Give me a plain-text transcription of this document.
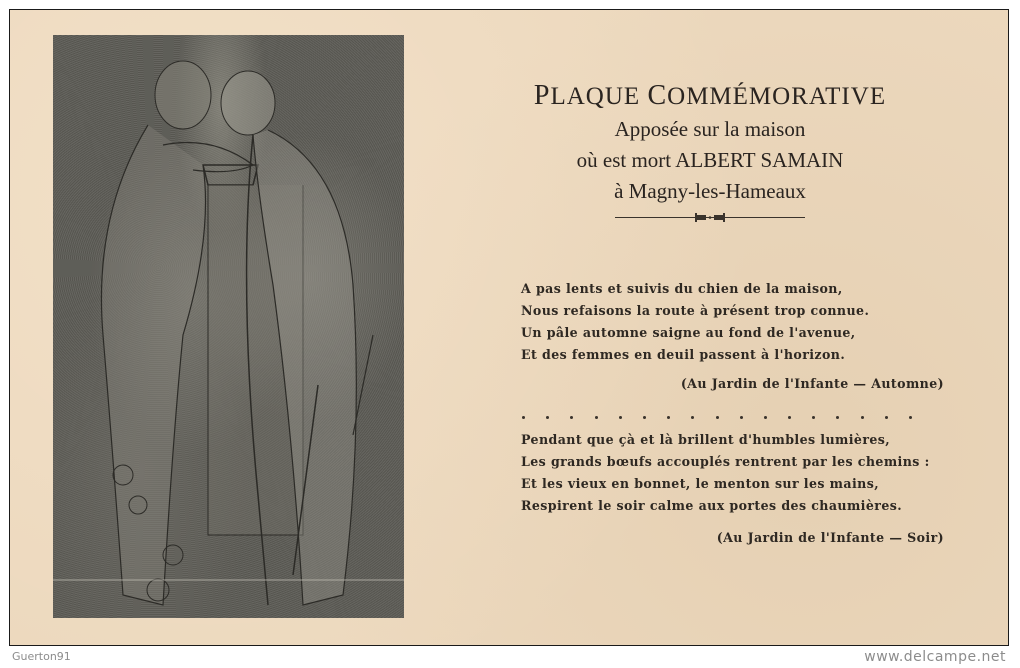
PLAQUE COMMÉMORATIVE

Apposée sur la maison

où est mort ALBERT SAMAIN

à Magny-les-Hameaux

A pas lents et suivis du chien de la maison,
Nous refaisons la route à présent trop connue.
Un pâle automne saigne au fond de l'avenue,
Et des femmes en deuil passent à l'horizon.
(Au Jardin de l'Infante — Automne)
Pendant que çà et là brillent d'humbles lumières,
Les grands bœufs accouplés rentrent par les chemins :
Et les vieux en bonnet, le menton sur les mains,
Respirent le soir calme aux portes des chaumières.
(Au Jardin de l'Infante — Soir)
Guerton91	www.delcampe.net
